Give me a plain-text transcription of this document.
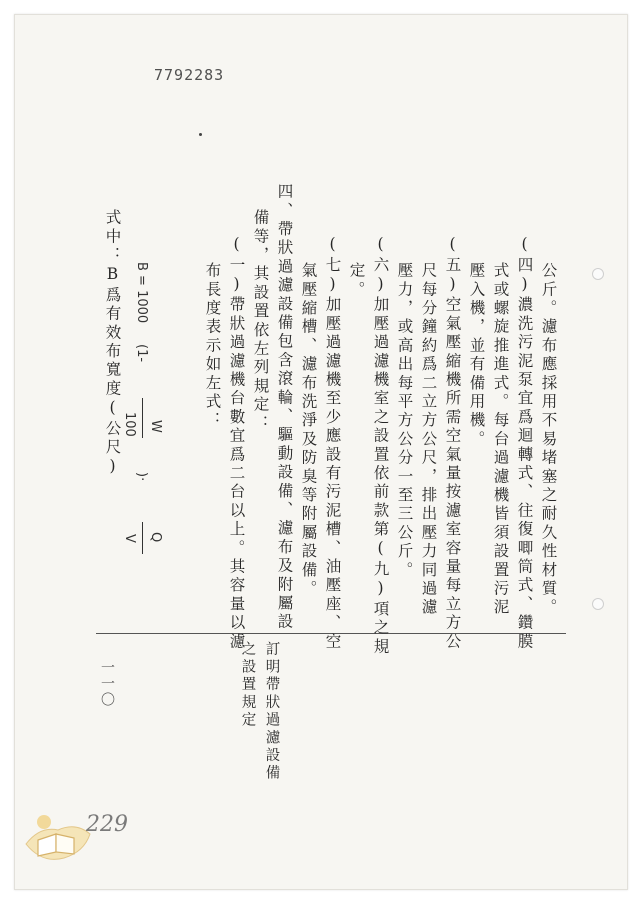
7792283
公斤。濾布應採用不易堵塞之耐久性材質。
(四)濃洗污泥泵宜爲迴轉式、往復唧筒式、鑽膜
式或螺旋推進式。每台過濾機皆須設置污泥
壓入機，並有備用機。
(五)空氣壓縮機所需空氣量按濾室容量每立方公
尺每分鐘約爲二立方公尺，排出壓力同過濾
壓力，或高出每平方公分一至三公斤。
(六)加壓過濾機室之設置依前款第(九)項之規
定。
(七)加壓過濾機至少應設有污泥槽、油壓座、空
氣壓縮槽、濾布洗淨及防臭等附屬設備。
四、帶狀過濾設備包含滾輪、驅動設備、濾布及附屬設
備等，其設置依左列規定：
(一)帶狀過濾機台數宜爲二台以上。其容量以濾
布長度表示如左式：
式中：B爲有效布寬度(公尺) B = 1000
(1-
W
100
)·
Q
V
訂明帶狀過濾設備
之設置規定
一一〇
229
